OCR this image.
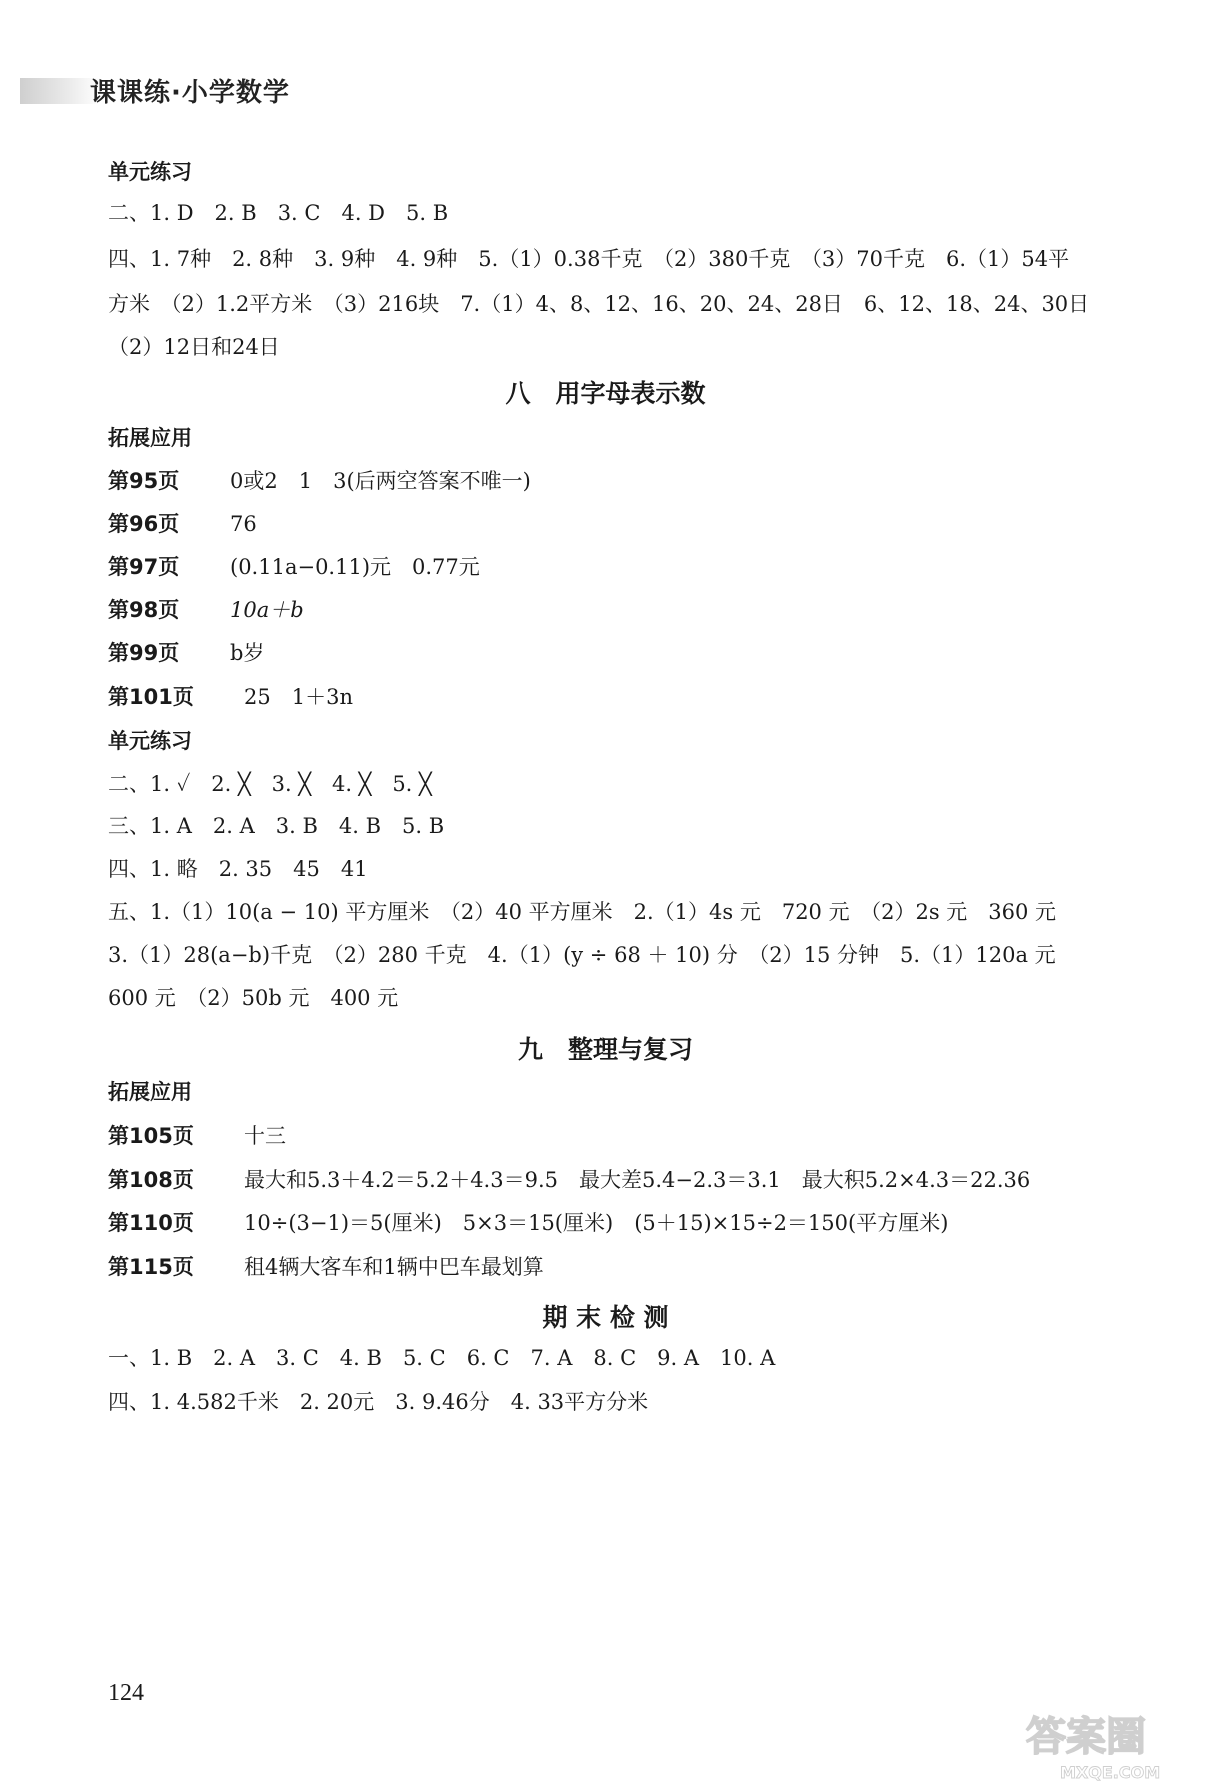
课课练·小学数学
单元练习
二、1. D　2. B　3. C　4. D　5. B
四、1. 7种　2. 8种　3. 9种　4. 9种　5.（1）0.38千克　（2）380千克　（3）70千克　6.（1）54平
方米　（2）1.2平方米　（3）216块　7.（1）4、8、12、16、20、24、28日　6、12、18、24、30日
（2）12日和24日
八　用字母表示数
拓展应用
第95页 0或2　1　3(后两空答案不唯一)
第96页 76
第97页 (0.11a−0.11)元　0.77元
第98页 10a＋b
第99页 b岁
第101页 25　1＋3n
单元练习
二、1. ✓　2. ╳　3. ╳　4. ╳　5. ╳
三、1. A　2. A　3. B　4. B　5. B
四、1. 略　2. 35　45　41
五、1.（1）10(a − 10) 平方厘米　（2）40 平方厘米　2.（1）4s 元　720 元　（2）2s 元　360 元
3.（1）28(a−b)千克　（2）280 千克　4.（1）(y ÷ 68 ＋ 10) 分　（2）15 分钟　5.（1）120a 元
600 元　（2）50b 元　400 元
九　整理与复习
拓展应用
第105页 十三
第108页 最大和5.3＋4.2＝5.2＋4.3＝9.5　最大差5.4−2.3＝3.1　最大积5.2×4.3＝22.36
第110页 10÷(3−1)＝5(厘米)　5×3＝15(厘米)　(5＋15)×15÷2＝150(平方厘米)
第115页 租4辆大客车和1辆中巴车最划算
期 末 检 测
一、1. B　2. A　3. C　4. B　5. C　6. C　7. A　8. C　9. A　10. A
四、1. 4.582千米　2. 20元　3. 9.46分　4. 33平方分米
124
答案圈
MXQE.COM
